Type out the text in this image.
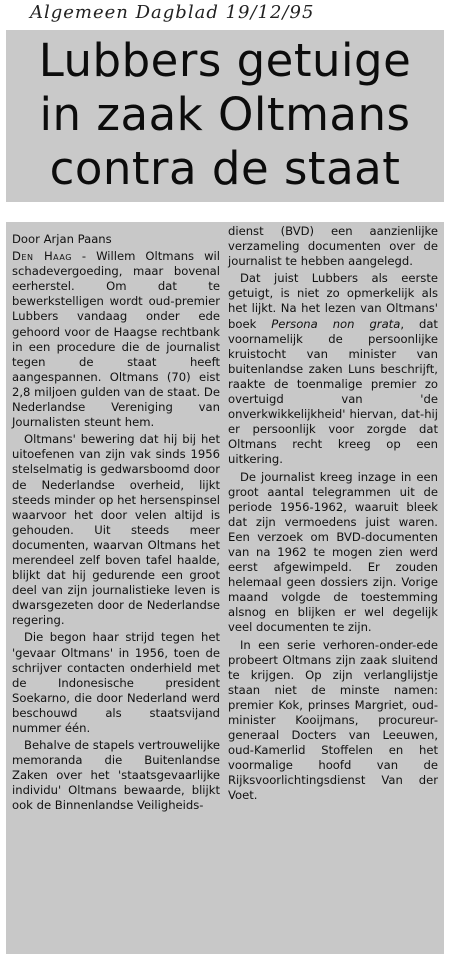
Algemeen Dagblad 19/12/95
Lubbers getuige
in zaak Oltmans
contra de staat

Door Arjan Paans

Den Haag - Willem Oltmans wil schadevergoeding, maar bovenal eerherstel. Om dat te bewerkstelligen wordt oud-premier Lubbers vandaag onder ede gehoord voor de Haagse rechtbank in een procedure die de journalist tegen de staat heeft aangespannen. Oltmans (70) eist 2,8 miljoen gulden van de staat. De Nederlandse Vereniging van Journalisten steunt hem.

Oltmans' bewering dat hij bij het uitoefenen van zijn vak sinds 1956 stelselmatig is gedwarsboomd door de Nederlandse overheid, lijkt steeds minder op het hersenspinsel waarvoor het door velen altijd is gehouden. Uit steeds meer documenten, waarvan Oltmans het merendeel zelf boven tafel haalde, blijkt dat hij gedurende een groot deel van zijn journalistieke leven is dwarsgezeten door de Nederlandse regering.

Die begon haar strijd tegen het 'gevaar Oltmans' in 1956, toen de schrijver contacten onderhield met de Indonesische president Soekarno, die door Nederland werd beschouwd als staatsvijand nummer één.

Behalve de stapels vertrouwelijke memoranda die Buitenlandse Zaken over het 'staatsgevaarlijke individu' Oltmans bewaarde, blijkt ook de Binnenlandse Veiligheids-

dienst (BVD) een aanzienlijke verzameling documenten over de journalist te hebben aangelegd.

Dat juist Lubbers als eerste getuigt, is niet zo opmerkelijk als het lijkt. Na het lezen van Oltmans' boek Persona non grata, dat voornamelijk de persoonlijke kruistocht van minister van buitenlandse zaken Luns beschrijft, raakte de toenmalige premier zo overtuigd van 'de onverkwikkelijkheid' hiervan, dat-hij er persoonlijk voor zorgde dat Oltmans recht kreeg op een uitkering.

De journalist kreeg inzage in een groot aantal telegrammen uit de periode 1956-1962, waaruit bleek dat zijn vermoedens juist waren. Een verzoek om BVD-documenten van na 1962 te mogen zien werd eerst afgewimpeld. Er zouden helemaal geen dossiers zijn. Vorige maand volgde de toestemming alsnog en blijken er wel degelijk veel documenten te zijn.

In een serie verhoren-onder-ede probeert Oltmans zijn zaak sluitend te krijgen. Op zijn verlanglijstje staan niet de minste namen: premier Kok, prinses Margriet, oud-minister Kooijmans, procureur-generaal Docters van Leeuwen, oud-Kamerlid Stoffelen en het voormalige hoofd van de Rijksvoorlichtingsdienst Van der Voet.
